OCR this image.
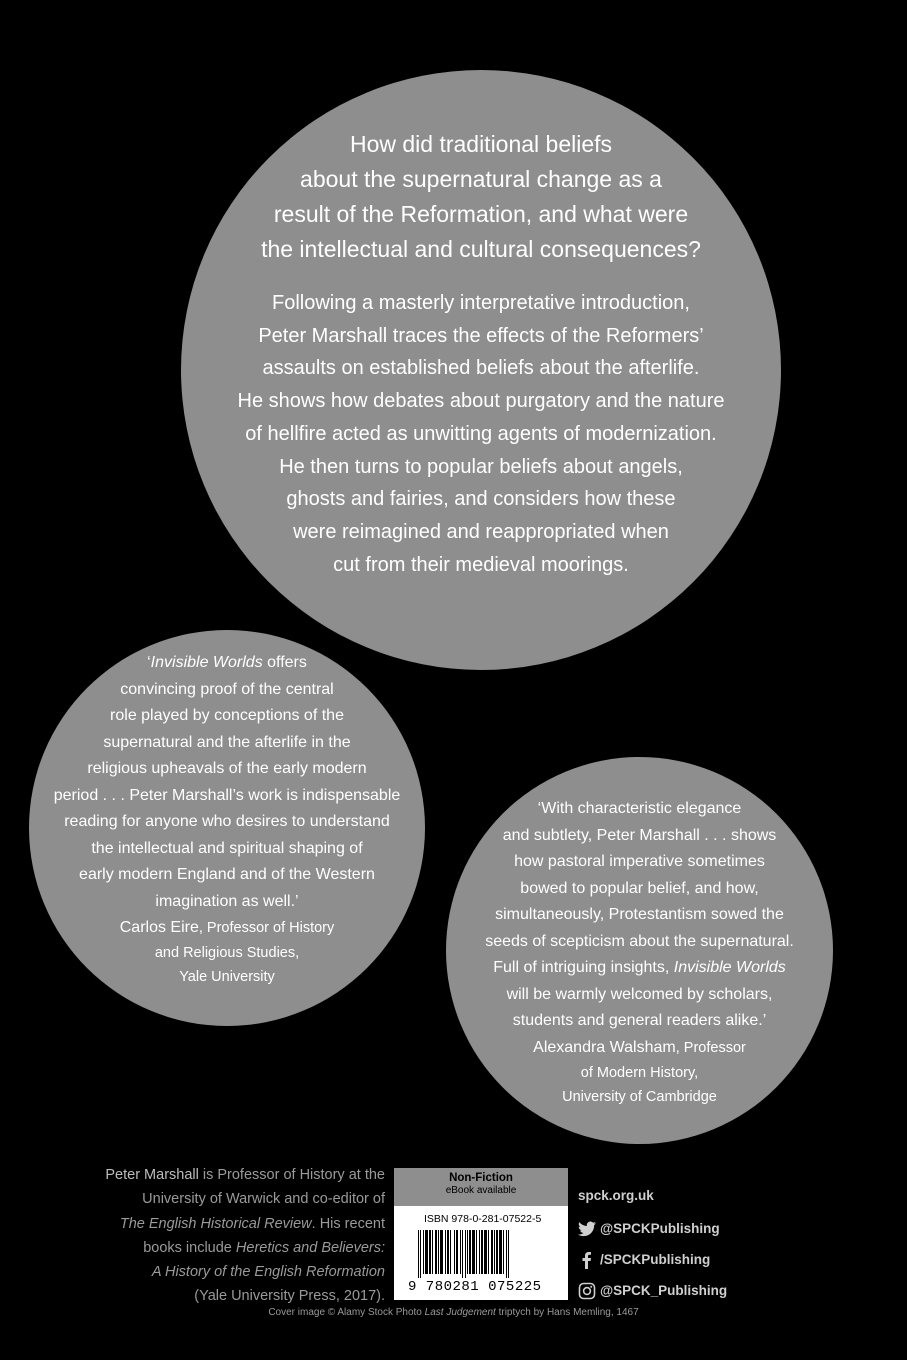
How did traditional beliefs
about the supernatural change as a
result of the Reformation, and what were
the intellectual and cultural consequences?
Following a masterly interpretative introduction,
Peter Marshall traces the effects of the Reformers’
assaults on established beliefs about the afterlife.
He shows how debates about purgatory and the nature
of hellfire acted as unwitting agents of modernization.
He then turns to popular beliefs about angels,
ghosts and fairies, and considers how these
were reimagined and reappropriated when
cut from their medieval moorings.
‘Invisible Worlds offers
convincing proof of the central
role played by conceptions of the
supernatural and the afterlife in the
religious upheavals of the early modern
period . . . Peter Marshall’s work is indispensable
reading for anyone who desires to understand
the intellectual and spiritual shaping of
early modern England and of the Western
imagination as well.’
Carlos Eire, Professor of History
and Religious Studies,
Yale University
‘With characteristic elegance
and subtlety, Peter Marshall . . . shows
how pastoral imperative sometimes
bowed to popular belief, and how,
simultaneously, Protestantism sowed the
seeds of scepticism about the supernatural.
Full of intriguing insights, Invisible Worlds
will be warmly welcomed by scholars,
students and general readers alike.’
Alexandra Walsham, Professor
of Modern History,
University of Cambridge
Peter Marshall is Professor of History at the
University of Warwick and co-editor of
The English Historical Review. His recent
books include Heretics and Believers:
A History of the English Reformation
(Yale University Press, 2017).
Non-Fiction
eBook available
ISBN 978-0-281-07522-5
9 780281 075225
spck.org.uk
@SPCKPublishing
/SPCKPublishing
@SPCK_Publishing
Cover image © Alamy Stock Photo Last Judgement triptych by Hans Memling, 1467
